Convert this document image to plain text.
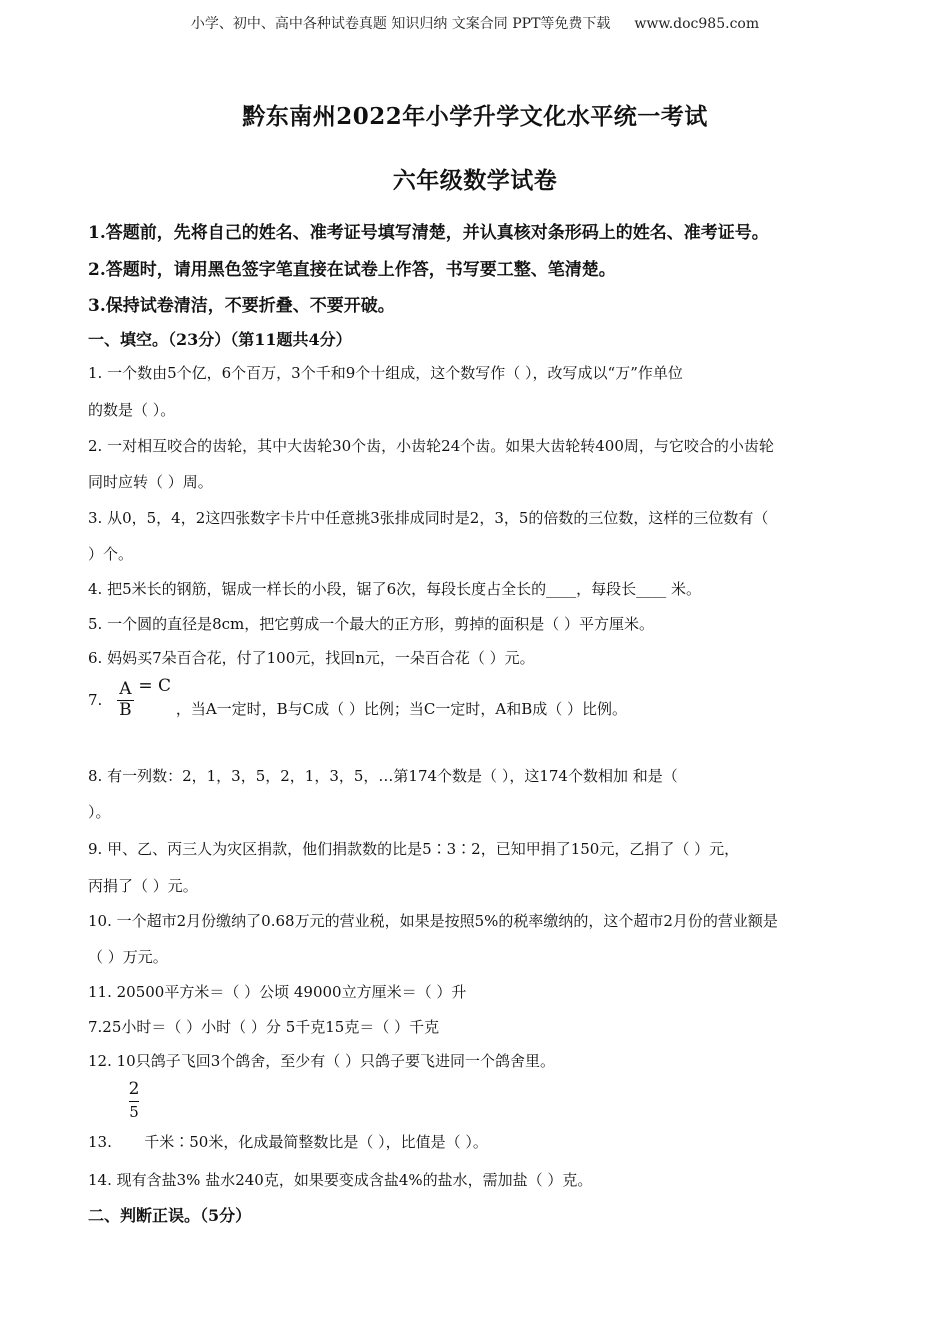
小学、初中、高中各种试卷真题 知识归纳 文案合同 PPT等免费下载 www.doc985.com
黔东南州2022年小学升学文化水平统一考试
六年级数学试卷
1.答题前，先将自己的姓名、准考证号填写清楚，并认真核对条形码上的姓名、准考证号。
2.答题时，请用黑色签字笔直接在试卷上作答，书写要工整、笔清楚。
3.保持试卷清洁，不要折叠、不要开破。
一、填空。（23分）（第11题共4分）
1. 一个数由5个亿，6个百万，3个千和9个十组成，这个数写作（ ），改写成以“万”作单位
的数是（ ）。
2. 一对相互咬合的齿轮，其中大齿轮30个齿，小齿轮24个齿。如果大齿轮转400周，与它咬合的小齿轮
同时应转（ ）周。
3. 从0，5，4，2这四张数字卡片中任意挑3张排成同时是2，3，5的倍数的三位数，这样的三位数有（
）个。
4. 把5米长的钢筋，锯成一样长的小段，锯了6次，每段长度占全长的____，每段长____ 米。
5. 一个圆的直径是8cm，把它剪成一个最大的正方形，剪掉的面积是（ ）平方厘米。
6. 妈妈买7朵百合花，付了100元，找回n元，一朵百合花（ ）元。
7. $\frac{A}{B} = C$ ，当A一定时，B与C成（ ）比例；当C一定时，A和B成（ ）比例。
8. 有一列数：2，1，3，5，2，1，3，5，…第174个数是（ ），这174个数相加 和是（
）。
9. 甲、乙、丙三人为灾区捐款，他们捐款数的比是5∶3∶2，已知甲捐了150元，乙捐了（ ）元，
丙捐了（ ）元。
10. 一个超市2月份缴纳了0.68万元的营业税，如果是按照5%的税率缴纳的，这个超市2月份的营业额是
（ ）万元。
11. 20500平方米＝（ ）公顷 49000立方厘米＝（ ）升
7.25小时＝（ ）小时（ ）分 5千克15克＝（ ）千克
12. 10只鸽子飞回3个鸽舍，至少有（ ）只鸽子要飞进同一个鸽舍里。
13.
$\frac{2}{5}$
千米∶50米，化成最简整数比是（ ），比值是（ ）。
14. 现有含盐3% 盐水240克，如果要变成含盐4%的盐水，需加盐（ ）克。
二、判断正误。（5分）
